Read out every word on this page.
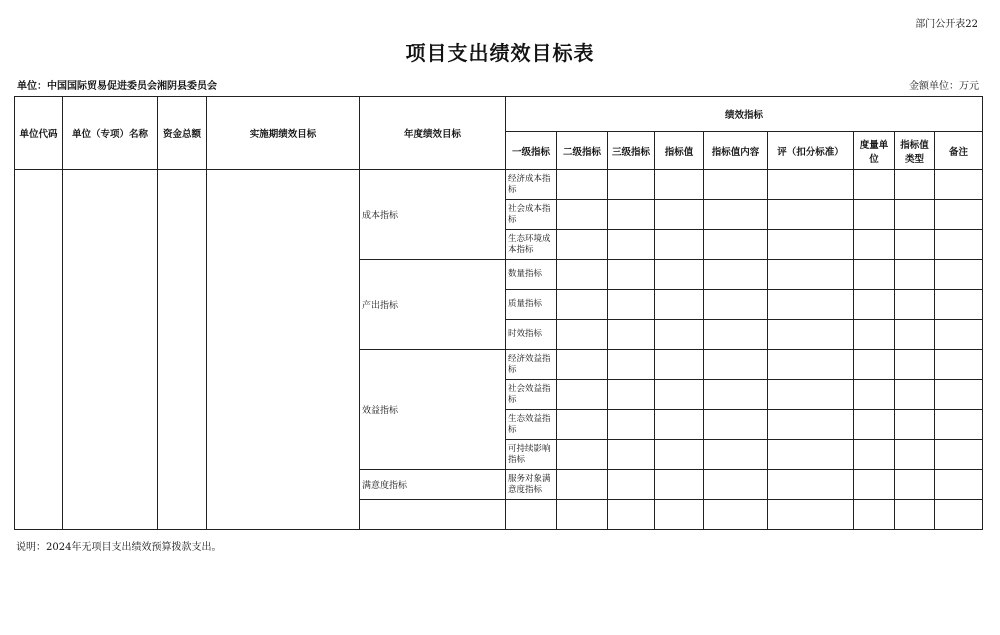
部门公开表22
项目支出绩效目标表
单位：中国国际贸易促进委员会湘阴县委员会	金额单位：万元
单位代码	单位（专项）名称	资金总额	实施期绩效目标	年度绩效目标	绩效指标								
					一级指标	二级指标	三级指标	指标值	指标值内容	评（扣分标准）	度量单位	指标值类型	备注
				成本指标	经济成本指标								
					社会成本指标								
					生态环境成本指标								
				产出指标	数量指标								
					质量指标								
					时效指标								
				效益指标	经济效益指标								
					社会效益指标								
					生态效益指标								
					可持续影响指标								
				满意度指标	服务对象满意度指标								

说明：2024年无项目支出绩效预算拨款支出。
